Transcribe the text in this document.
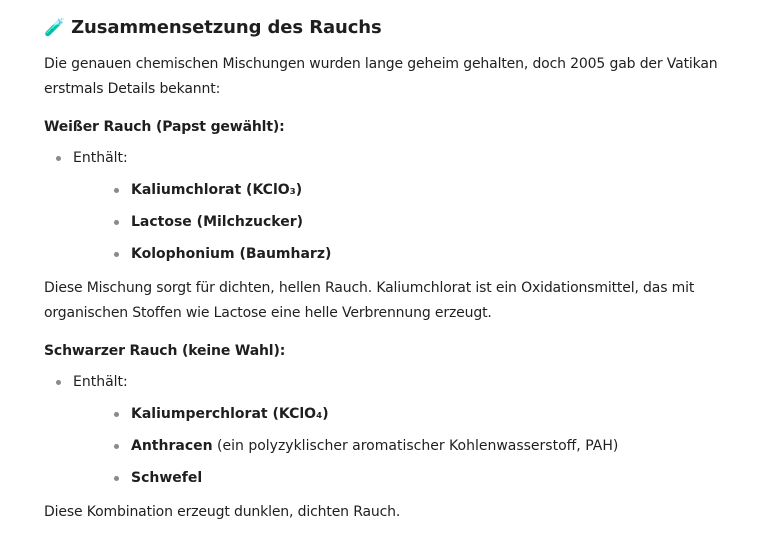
🧪 Zusammensetzung des Rauchs

Die genauen chemischen Mischungen wurden lange geheim gehalten, doch 2005 gab der Vatikan erstmals Details bekannt:

Weißer Rauch (Papst gewählt):

Enthält:
Kaliumchlorat (KClO₃)
Lactose (Milchzucker)
Kolophonium (Baumharz)

Diese Mischung sorgt für dichten, hellen Rauch. Kaliumchlorat ist ein Oxidationsmittel, das mit organischen Stoffen wie Lactose eine helle Verbrennung erzeugt.

Schwarzer Rauch (keine Wahl):

Enthält:
Kaliumperchlorat (KClO₄)
Anthracen (ein polyzyklischer aromatischer Kohlenwasserstoff, PAH)
Schwefel

Diese Kombination erzeugt dunklen, dichten Rauch.
